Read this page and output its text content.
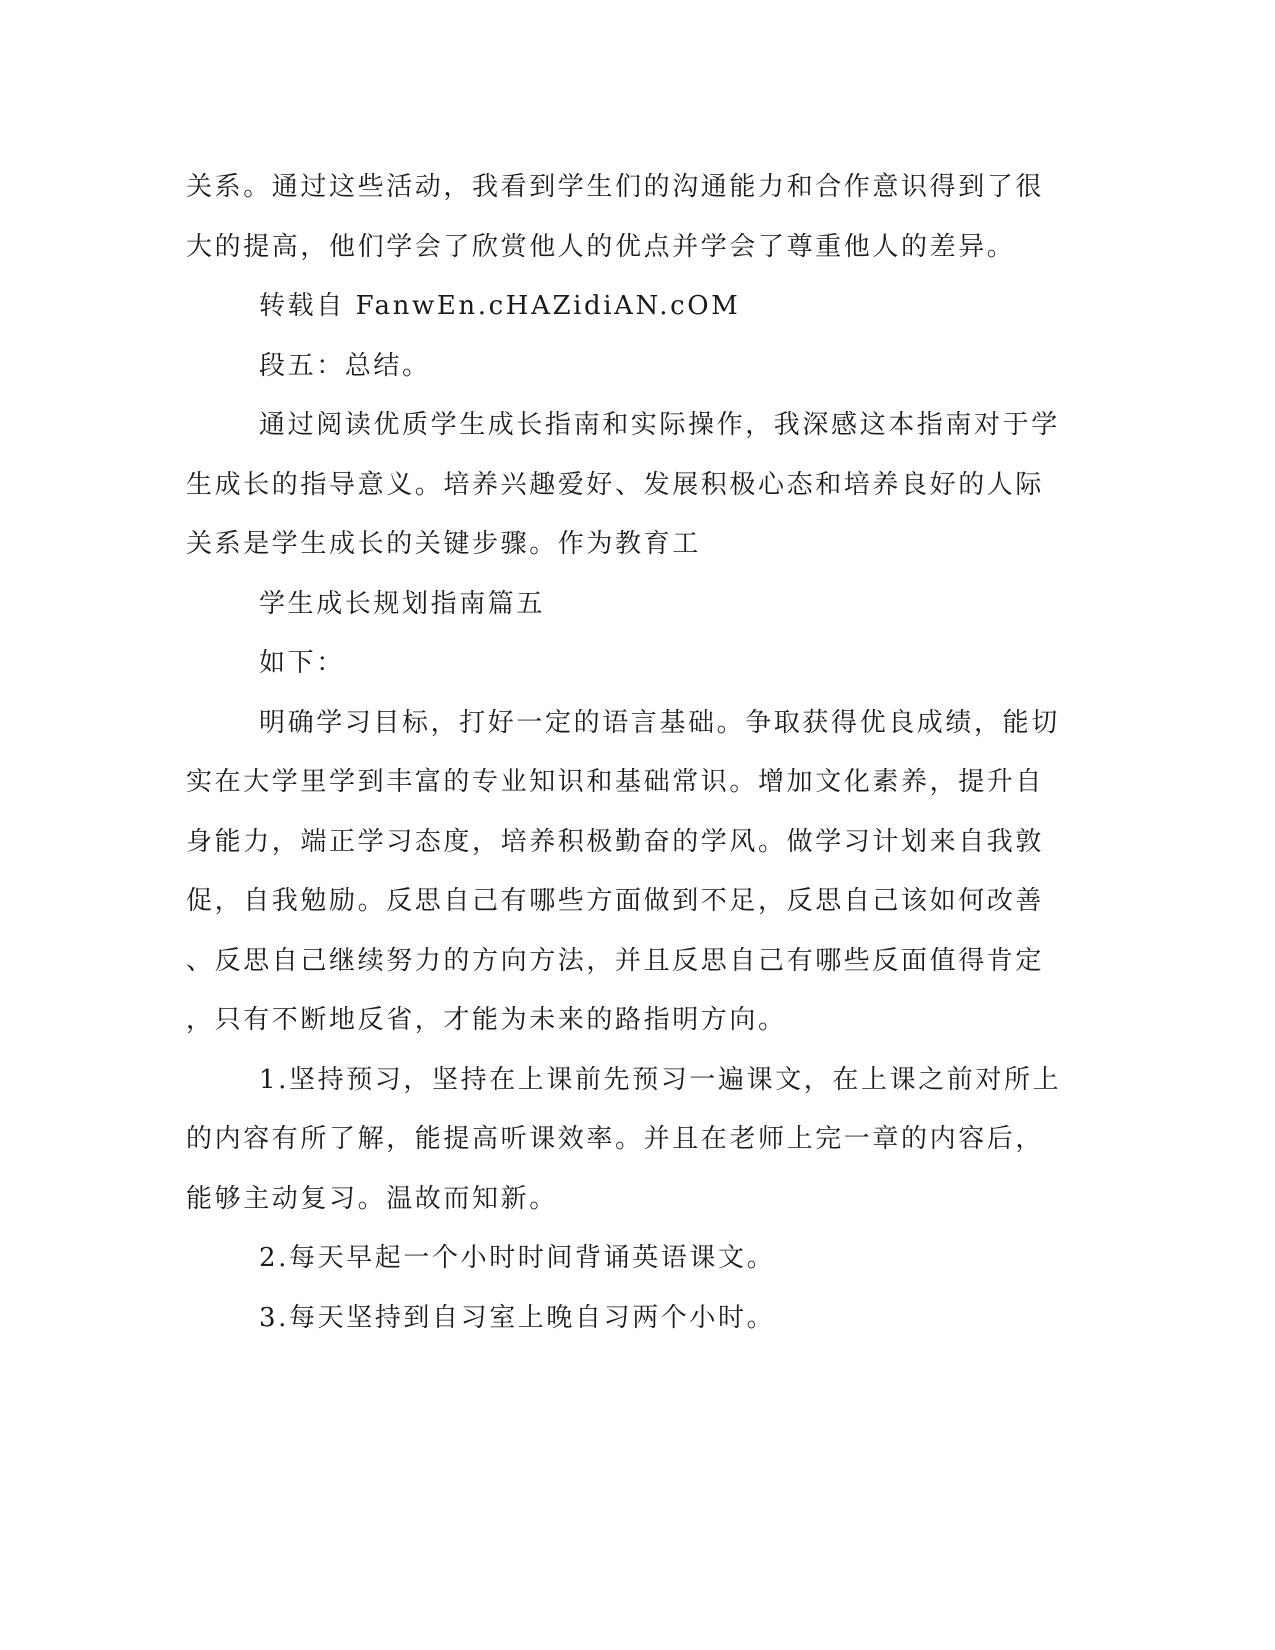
关系。通过这些活动，我看到学生们的沟通能力和合作意识得到了很
大的提高，他们学会了欣赏他人的优点并学会了尊重他人的差异。
转载自 FanwEn.cHAZidiAN.cOM
段五：总结。
通过阅读优质学生成长指南和实际操作，我深感这本指南对于学
生成长的指导意义。培养兴趣爱好、发展积极心态和培养良好的人际
关系是学生成长的关键步骤。作为教育工
学生成长规划指南篇五
如下：
明确学习目标，打好一定的语言基础。争取获得优良成绩，能切
实在大学里学到丰富的专业知识和基础常识。增加文化素养，提升自
身能力，端正学习态度，培养积极勤奋的学风。做学习计划来自我敦
促，自我勉励。反思自己有哪些方面做到不足，反思自己该如何改善
、反思自己继续努力的方向方法，并且反思自己有哪些反面值得肯定
，只有不断地反省，才能为未来的路指明方向。
1.坚持预习，坚持在上课前先预习一遍课文，在上课之前对所上
的内容有所了解，能提高听课效率。并且在老师上完一章的内容后，
能够主动复习。温故而知新。
2.每天早起一个小时时间背诵英语课文。
3.每天坚持到自习室上晚自习两个小时。
